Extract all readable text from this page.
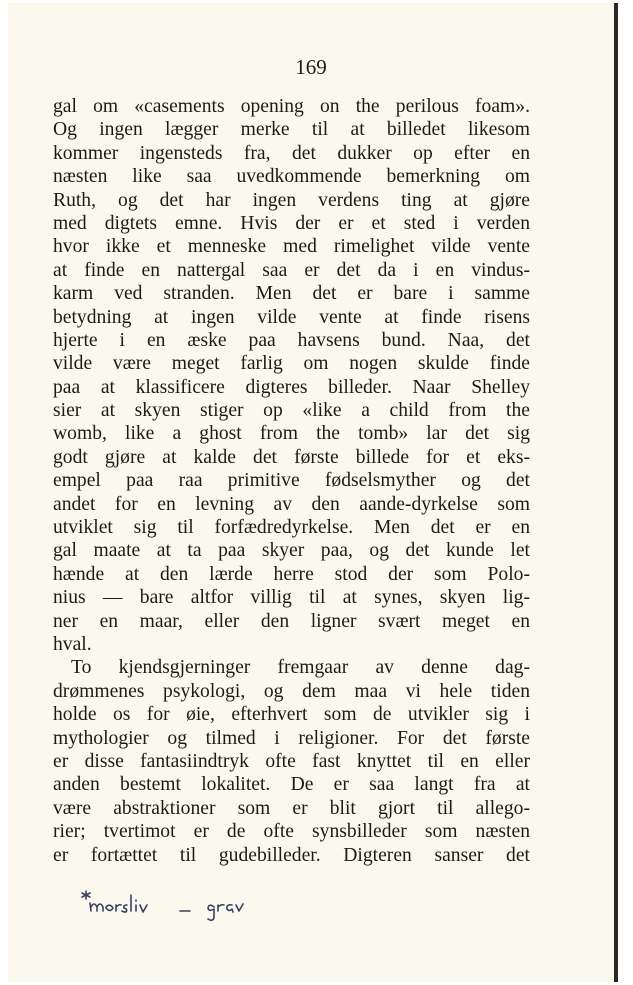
169
gal om «casements opening on the perilous foam».
Og ingen lægger merke til at billedet likesom
kommer ingensteds fra, det dukker op efter en
næsten like saa uvedkommende bemerkning om
Ruth, og det har ingen verdens ting at gjøre
med digtets emne. Hvis der er et sted i verden
hvor ikke et menneske med rimelighet vilde vente
at finde en nattergal saa er det da i en vindus-
karm ved stranden. Men det er bare i samme
betydning at ingen vilde vente at finde risens
hjerte i en æske paa havsens bund. Naa, det
vilde være meget farlig om nogen skulde finde
paa at klassificere digteres billeder. Naar Shelley
sier at skyen stiger op «like a child from the
womb, like a ghost from the tomb» lar det sig
godt gjøre at kalde det første billede for et eks-
empel paa raa primitive fødselsmyther og det
andet for en levning av den aande-dyrkelse som
utviklet sig til forfædredyrkelse. Men det er en
gal maate at ta paa skyer paa, og det kunde let
hænde at den lærde herre stod der som Polo-
nius — bare altfor villig til at synes, skyen lig-
ner en maar, eller den ligner svært meget en
hval.
To kjendsgjerninger fremgaar av denne dag-
drømmenes psykologi, og dem maa vi hele tiden
holde os for øie, efterhvert som de utvikler sig i
mythologier og tilmed i religioner. For det første
er disse fantasiindtryk ofte fast knyttet til en eller
anden bestemt lokalitet. De er saa langt fra at
være abstraktioner som er blit gjort til allego-
rier; tvertimot er de ofte synsbilleder som næsten
er fortættet til gudebilleder. Digteren sanser det
